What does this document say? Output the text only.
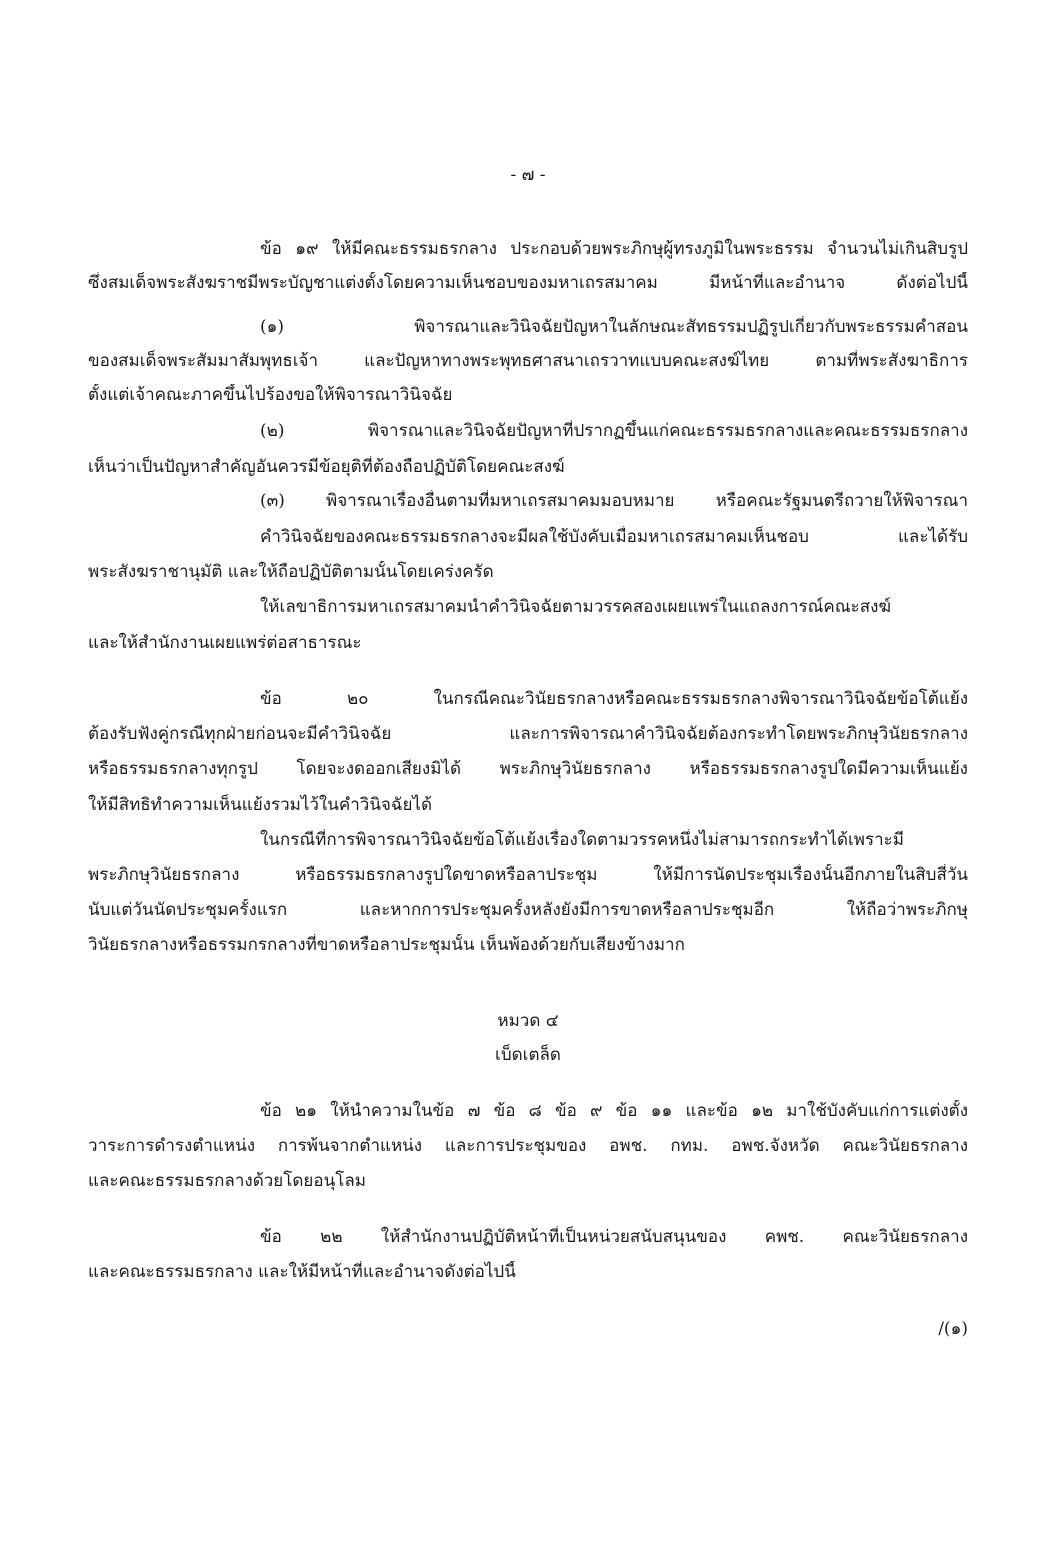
- ๗ -
ข้อ ๑๙ ให้มีคณะธรรมธรกลาง ประกอบด้วยพระภิกษุผู้ทรงภูมิในพระธรรม จำนวนไม่เกินสิบรูป
ซึ่งสมเด็จพระสังฆราชมีพระบัญชาแต่งตั้งโดยความเห็นชอบของมหาเถรสมาคม มีหน้าที่และอำนาจ ดังต่อไปนี้
(๑) พิจารณาและวินิจฉัยปัญหาในลักษณะสัทธรรมปฏิรูปเกี่ยวกับพระธรรมคำสอน
ของสมเด็จพระสัมมาสัมพุทธเจ้า และปัญหาทางพระพุทธศาสนาเถรวาทแบบคณะสงฆ์ไทย ตามที่พระสังฆาธิการ
ตั้งแต่เจ้าคณะภาคขึ้นไปร้องขอให้พิจารณาวินิจฉัย
(๒) พิจารณาและวินิจฉัยปัญหาที่ปรากฏขึ้นแก่คณะธรรมธรกลางและคณะธรรมธรกลาง
เห็นว่าเป็นปัญหาสำคัญอันควรมีข้อยุติที่ต้องถือปฏิบัติโดยคณะสงฆ์
(๓) พิจารณาเรื่องอื่นตามที่มหาเถรสมาคมมอบหมาย หรือคณะรัฐมนตรีถวายให้พิจารณา
คำวินิจฉัยของคณะธรรมธรกลางจะมีผลใช้บังคับเมื่อมหาเถรสมาคมเห็นชอบ และได้รับ
พระสังฆราชานุมัติ และให้ถือปฏิบัติตามนั้นโดยเคร่งครัด
ให้เลขาธิการมหาเถรสมาคมนำคำวินิจฉัยตามวรรคสองเผยแพร่ในแถลงการณ์คณะสงฆ์
และให้สำนักงานเผยแพร่ต่อสาธารณะ
ข้อ ๒๐ ในกรณีคณะวินัยธรกลางหรือคณะธรรมธรกลางพิจารณาวินิจฉัยข้อโต้แย้ง
ต้องรับฟังคู่กรณีทุกฝ่ายก่อนจะมีคำวินิจฉัย และการพิจารณาคำวินิจฉัยต้องกระทำโดยพระภิกษุวินัยธรกลาง
หรือธรรมธรกลางทุกรูป โดยจะงดออกเสียงมิได้ พระภิกษุวินัยธรกลาง หรือธรรมธรกลางรูปใดมีความเห็นแย้ง
ให้มีสิทธิทำความเห็นแย้งรวมไว้ในคำวินิจฉัยได้
ในกรณีที่การพิจารณาวินิจฉัยข้อโต้แย้งเรื่องใดตามวรรคหนึ่งไม่สามารถกระทำได้เพราะมี
พระภิกษุวินัยธรกลาง หรือธรรมธรกลางรูปใดขาดหรือลาประชุม ให้มีการนัดประชุมเรื่องนั้นอีกภายในสิบสี่วัน
นับแต่วันนัดประชุมครั้งแรก และหากการประชุมครั้งหลังยังมีการขาดหรือลาประชุมอีก ให้ถือว่าพระภิกษุ
วินัยธรกลางหรือธรรมกรกลางที่ขาดหรือลาประชุมนั้น เห็นพ้องด้วยกับเสียงข้างมาก
หมวด ๔
เบ็ดเตล็ด
ข้อ ๒๑ ให้นำความในข้อ ๗ ข้อ ๘ ข้อ ๙ ข้อ ๑๑ และข้อ ๑๒ มาใช้บังคับแก่การแต่งตั้ง
วาระการดำรงตำแหน่ง การพ้นจากตำแหน่ง และการประชุมของ อพช. กทม. อพช.จังหวัด คณะวินัยธรกลาง
และคณะธรรมธรกลางด้วยโดยอนุโลม
ข้อ ๒๒ ให้สำนักงานปฏิบัติหน้าที่เป็นหน่วยสนับสนุนของ คพช. คณะวินัยธรกลาง
และคณะธรรมธรกลาง และให้มีหน้าที่และอำนาจดังต่อไปนี้
/(๑)
